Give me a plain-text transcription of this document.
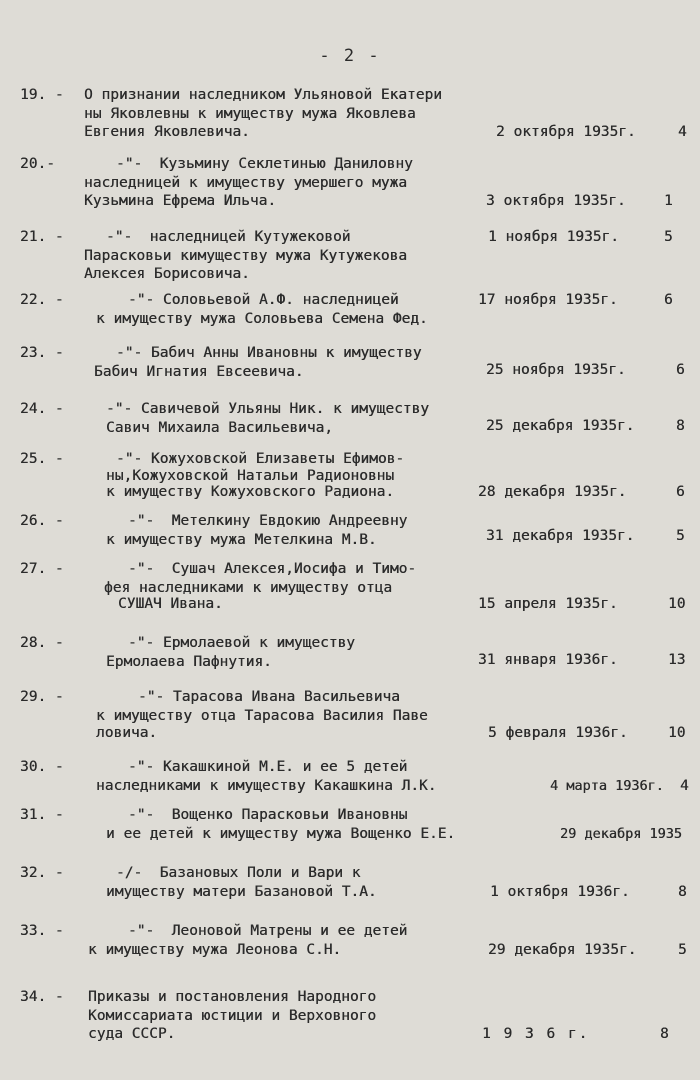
- 2 -
19. - О признании наследником Ульяновой Екатери
ны Яковлевны к имуществу мужа Яковлева
Евгения Яковлевича.	2 октября 1935г.	4
20.-	-"-  Кузьмину Секлетинью Даниловну
наследницей к имуществу умершего мужа
Кузьмина Ефрема Ильча.	3 октября 1935г.	1
21. -	-"-  наследницей Кутужековой
Парасковьи кимуществу мужа Кутужекова
Алексея Борисовича.
1 ноября 1935г.	5
22. -	-"- Соловьевой А.Ф. наследницей
к имуществу мужа Соловьева Семена Фед.
17 ноября 1935г.	6
23. -	-"- Бабич Анны Ивановны к имуществу
Бабич Игнатия Евсеевича.	25 ноября 1935г.	6
24. -	-"- Савичевой Ульяны Ник. к имуществу
Савич Михаила Васильевича,	25 декабря 1935г.	8
25. -	-"- Кожуховской Елизаветы Ефимов-
ны,Кожуховской Натальи Радионовны
к имуществу Кожуховского Радиона.	28 декабря 1935г.	6
26. -	-"-  Метелкину Евдокию Андреевну
к имуществу мужа Метелкина М.В.	31 декабря 1935г.	5
27. -	-"-  Сушач Алексея,Иосифа и Тимо-
фея наследниками к имуществу отца
СУШАЧ Ивана.	15 апреля 1935г.	10
28. -	-"- Ермолаевой к имуществу
Ермолаева Пафнутия.	31 января 1936г.	13
29. -	-"- Тарасова Ивана Васильевича
к имуществу отца Тарасова Василия Паве
ловича.	5 февраля 1936г.	10
30. -	-"- Какашкиной М.Е. и ее 5 детей
наследниками к имуществу Какашкина Л.К.	4 марта 1936г. 4
31. -	-"-  Вощенко Парасковьи Ивановны
и ее детей к имуществу мужа Вощенко Е.Е.	29 декабря 1935
32. -	-/-  Базановых Поли и Вари к
имущеcтву матери Базановой Т.А.	1 октября 1936г.	8
33. -	-"-  Леоновой Матрены и ее детей
к имуществу мужа Леонова С.Н.	29 декабря 1935г.	5
34. - Приказы и постановления Народного
Комиссариата юстиции и Верховного
суда СССР.	1 9 3 6 г.	8
